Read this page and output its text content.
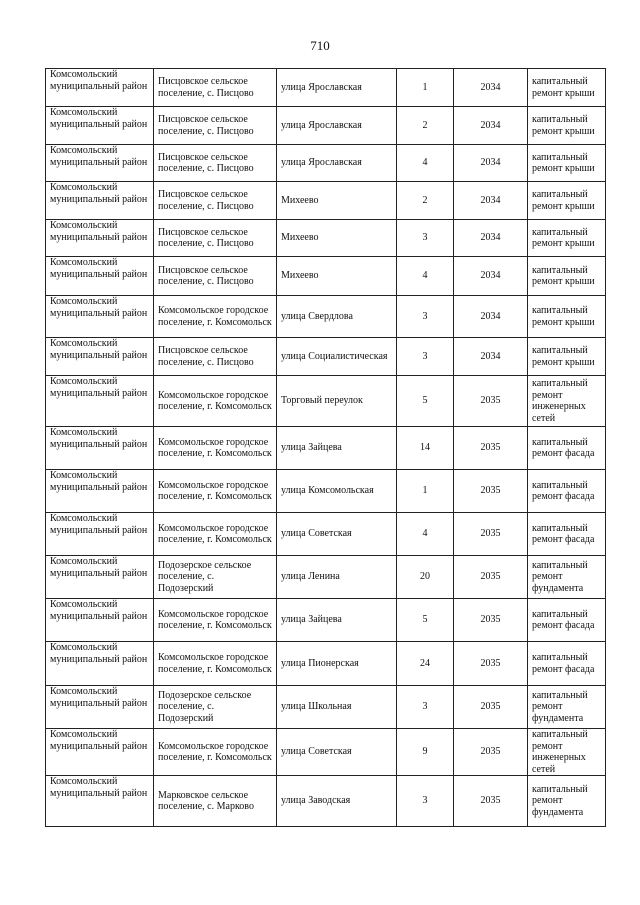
710
Комсомольский муниципальный район	Писцовское сельское поселение, с. Писцово	улица Ярославская	1	2034	капитальный ремонт крыши
Комсомольский муниципальный район	Писцовское сельское поселение, с. Писцово	улица Ярославская	2	2034	капитальный ремонт крыши
Комсомольский муниципальный район	Писцовское сельское поселение, с. Писцово	улица Ярославская	4	2034	капитальный ремонт крыши
Комсомольский муниципальный район	Писцовское сельское поселение, с. Писцово	Михеево	2	2034	капитальный ремонт крыши
Комсомольский муниципальный район	Писцовское сельское поселение, с. Писцово	Михеево	3	2034	капитальный ремонт крыши
Комсомольский муниципальный район	Писцовское сельское поселение, с. Писцово	Михеево	4	2034	капитальный ремонт крыши
Комсомольский муниципальный район	Комсомольское городское поселение, г. Комсомольск	улица Свердлова	3	2034	капитальный ремонт крыши
Комсомольский муниципальный район	Писцовское сельское поселение, с. Писцово	улица Социалистическая	3	2034	капитальный ремонт крыши
Комсомольский муниципальный район	Комсомольское городское поселение, г. Комсомольск	Торговый переулок	5	2035	капитальный ремонт инженерных сетей
Комсомольский муниципальный район	Комсомольское городское поселение, г. Комсомольск	улица Зайцева	14	2035	капитальный ремонт фасада
Комсомольский муниципальный район	Комсомольское городское поселение, г. Комсомольск	улица Комсомольская	1	2035	капитальный ремонт фасада
Комсомольский муниципальный район	Комсомольское городское поселение, г. Комсомольск	улица Советская	4	2035	капитальный ремонт фасада
Комсомольский муниципальный район	Подозерское сельское поселение, с. Подозерский	улица Ленина	20	2035	капитальный ремонт фундамента
Комсомольский муниципальный район	Комсомольское городское поселение, г. Комсомольск	улица Зайцева	5	2035	капитальный ремонт фасада
Комсомольский муниципальный район	Комсомольское городское поселение, г. Комсомольск	улица Пионерская	24	2035	капитальный ремонт фасада
Комсомольский муниципальный район	Подозерское сельское поселение, с. Подозерский	улица Школьная	3	2035	капитальный ремонт фундамента
Комсомольский муниципальный район	Комсомольское городское поселение, г. Комсомольск	улица Советская	9	2035	капитальный ремонт инженерных сетей
Комсомольский муниципальный район	Марковское сельское поселение, с. Марково	улица Заводская	3	2035	капитальный ремонт фундамента
